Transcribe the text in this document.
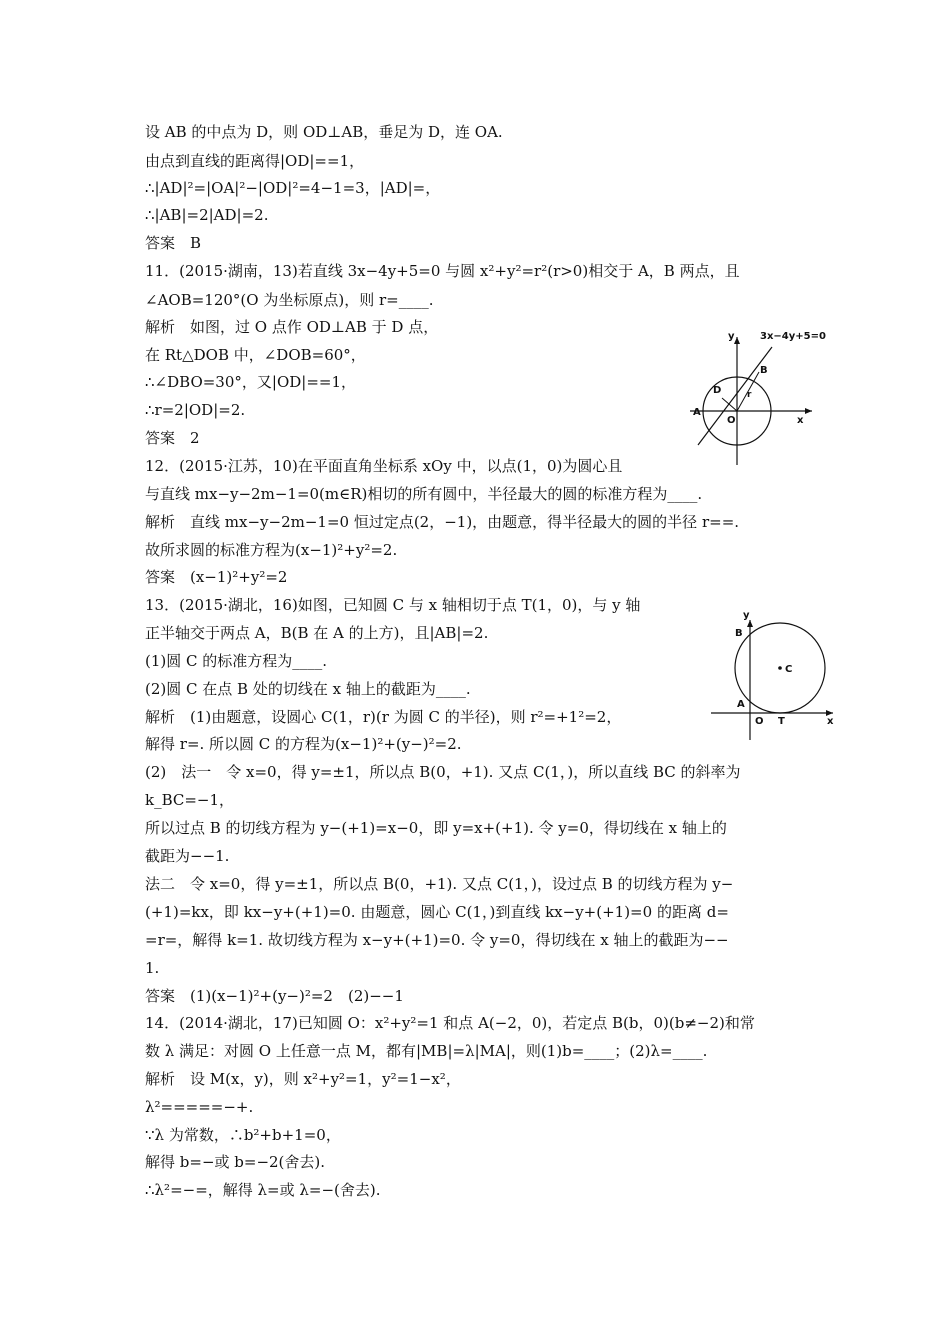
设 AB 的中点为 D，则 OD⊥AB，垂足为 D，连 OA.
由点到直线的距离得|OD|==1，
∴|AD|²=|OA|²−|OD|²=4−1=3，|AD|=，
∴|AB|=2|AD|=2.
答案　B
11．(2015·湖南，13)若直线 3x−4y+5=0 与圆 x²+y²=r²(r>0)相交于 A，B 两点，且
∠AOB=120°(O 为坐标原点)，则 r=____.
解析　如图，过 O 点作 OD⊥AB 于 D 点，
在 Rt△DOB 中，∠DOB=60°，
∴∠DBO=30°，又|OD|==1，
∴r=2|OD|=2.
答案　2
12．(2015·江苏，10)在平面直角坐标系 xOy 中，以点(1，0)为圆心且
与直线 mx−y−2m−1=0(m∈R)相切的所有圆中，半径最大的圆的标准方程为____.
解析　直线 mx−y−2m−1=0 恒过定点(2，−1)，由题意，得半径最大的圆的半径 r==.
故所求圆的标准方程为(x−1)²+y²=2.
答案　(x−1)²+y²=2
13．(2015·湖北，16)如图，已知圆 C 与 x 轴相切于点 T(1，0)，与 y 轴
正半轴交于两点 A，B(B 在 A 的上方)，且|AB|=2.
(1)圆 C 的标准方程为____.
(2)圆 C 在点 B 处的切线在 x 轴上的截距为____.
解析　(1)由题意，设圆心 C(1，r)(r 为圆 C 的半径)，则 r²=+1²=2，
解得 r=. 所以圆 C 的方程为(x−1)²+(y−)²=2.
(2)　法一　令 x=0，得 y=±1，所以点 B(0，+1). 又点 C(1，)，所以直线 BC 的斜率为
k_BC=−1，
所以过点 B 的切线方程为 y−(+1)=x−0，即 y=x+(+1). 令 y=0，得切线在 x 轴上的
截距为−−1.
法二　令 x=0，得 y=±1，所以点 B(0，+1). 又点 C(1，)，设过点 B 的切线方程为 y−
(+1)=kx，即 kx−y+(+1)=0. 由题意，圆心 C(1，)到直线 kx−y+(+1)=0 的距离 d=
=r=，解得 k=1. 故切线方程为 x−y+(+1)=0. 令 y=0，得切线在 x 轴上的截距为−−
1.
答案　(1)(x−1)²+(y−)²=2　(2)−−1
14．(2014·湖北，17)已知圆 O：x²+y²=1 和点 A(−2，0)，若定点 B(b，0)(b≠−2)和常
数 λ 满足：对圆 O 上任意一点 M，都有|MB|=λ|MA|，则(1)b=____；(2)λ=____.
解析　设 M(x，y)，则 x²+y²=1，y²=1−x²，
λ²=====−+.
∵λ 为常数，∴b²+b+1=0，
解得 b=−或 b=−2(舍去).
∴λ²=−=，解得 λ=或 λ=−(舍去).
3x−4y+5=0
y
x
B
D	r
A
O
y
B
C
A
O T	x
